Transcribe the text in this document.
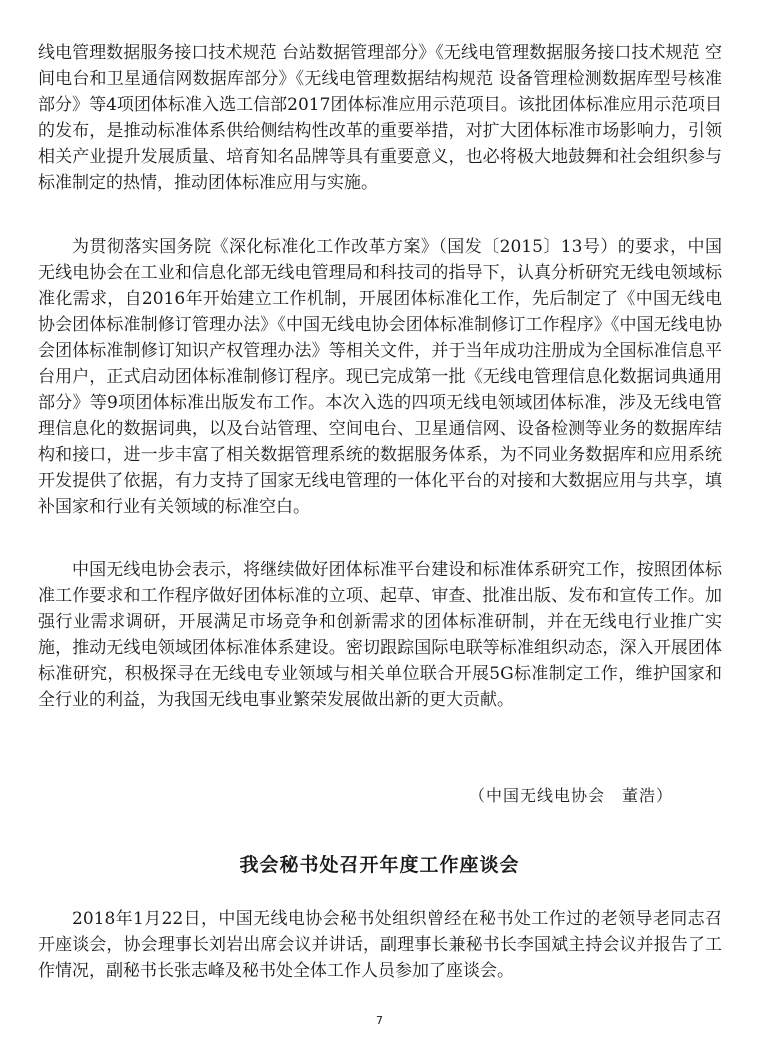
线电管理数据服务接口技术规范 台站数据管理部分》《无线电管理数据服务接口技术规范 空间电台和卫星通信网数据库部分》《无线电管理数据结构规范 设备管理检测数据库型号核准部分》等4项团体标准入选工信部2017团体标准应用示范项目。该批团体标准应用示范项目的发布，是推动标准体系供给侧结构性改革的重要举措，对扩大团体标准市场影响力，引领相关产业提升发展质量、培育知名品牌等具有重要意义，也必将极大地鼓舞和社会组织参与标准制定的热情，推动团体标准应用与实施。

为贯彻落实国务院《深化标准化工作改革方案》（国发〔2015〕13号）的要求，中国无线电协会在工业和信息化部无线电管理局和科技司的指导下，认真分析研究无线电领域标准化需求，自2016年开始建立工作机制，开展团体标准化工作，先后制定了《中国无线电协会团体标准制修订管理办法》《中国无线电协会团体标准制修订工作程序》《中国无线电协会团体标准制修订知识产权管理办法》等相关文件，并于当年成功注册成为全国标准信息平台用户，正式启动团体标准制修订程序。现已完成第一批《无线电管理信息化数据词典通用部分》等9项团体标准出版发布工作。本次入选的四项无线电领域团体标准，涉及无线电管理信息化的数据词典，以及台站管理、空间电台、卫星通信网、设备检测等业务的数据库结构和接口，进一步丰富了相关数据管理系统的数据服务体系，为不同业务数据库和应用系统开发提供了依据，有力支持了国家无线电管理的一体化平台的对接和大数据应用与共享，填补国家和行业有关领域的标准空白。

中国无线电协会表示，将继续做好团体标准平台建设和标准体系研究工作，按照团体标准工作要求和工作程序做好团体标准的立项、起草、审查、批准出版、发布和宣传工作。加强行业需求调研，开展满足市场竞争和创新需求的团体标准研制，并在无线电行业推广实施，推动无线电领域团体标准体系建设。密切跟踪国际电联等标准组织动态，深入开展团体标准研究，积极探寻在无线电专业领域与相关单位联合开展5G标准制定工作，维护国家和全行业的利益，为我国无线电事业繁荣发展做出新的更大贡献。

（中国无线电协会　董浩）
我会秘书处召开年度工作座谈会

2018年1月22日，中国无线电协会秘书处组织曾经在秘书处工作过的老领导老同志召开座谈会，协会理事长刘岩出席会议并讲话，副理事长兼秘书长李国斌主持会议并报告了工作情况，副秘书长张志峰及秘书处全体工作人员参加了座谈会。

7
